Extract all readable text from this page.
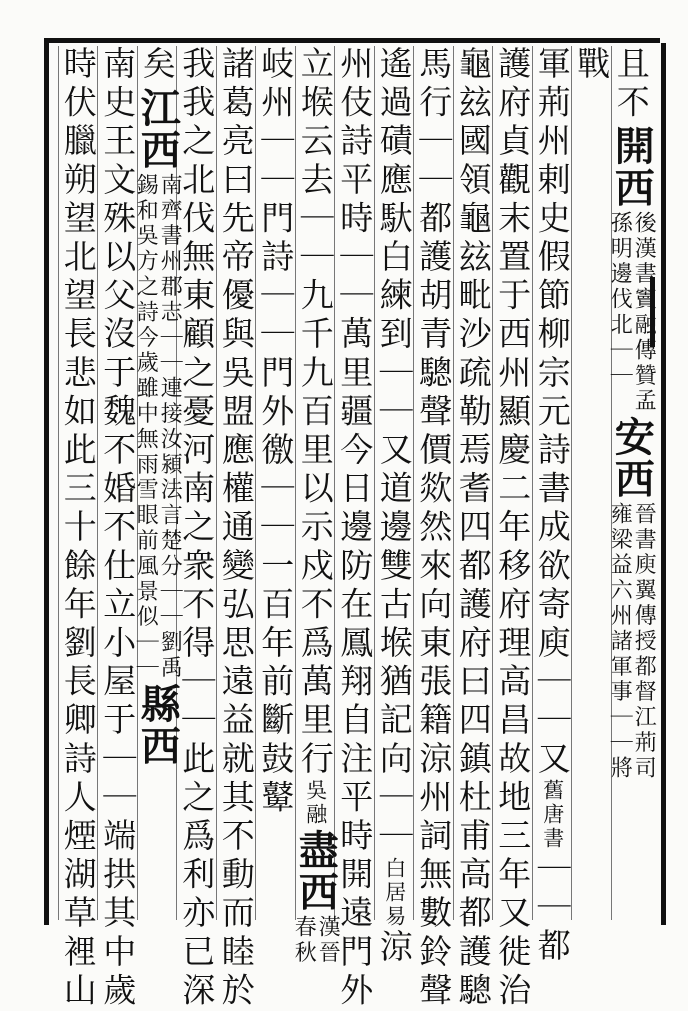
且不
開西
後漢書竇融傳贊孟
孫明邊伐北｜｜
安西
晉書庾翼傳授都督江荊司
雍梁益六州諸軍事｜｜將
戰
軍荊州剌史假節柳宗元詩書成欲寄庾｜｜又
舊唐書
｜｜都
護府貞觀末置于西州顯慶二年移府理高昌故地三年又徙治
龜玆國領龜玆毗沙疏勒焉耆四都護府曰四鎮杜甫高都護驄
馬行｜｜都護胡青驄聲價欻然來向東張籍涼州詞無數鈴聲
遙過磧應馱白練到｜｜又道邊雙古堠猶記向｜｜
白居易
涼
州伎詩平時｜｜萬里疆今日邊防在鳳翔自注平時開遠門外
立堠云去｜｜九千九百里以示戍不爲萬里行
吳融
盡西
漢晉
春秋
岐州｜｜門詩｜｜門外徼｜｜一百年前斷鼓鼙
諸葛亮曰先帝優與吳盟應權通變弘思遠益就其不動而睦於
我我之北伐無東顧之憂河南之衆不得｜｜此之爲利亦已深
矣
江西
南齊書州郡志｜｜連接汝潁法言楚分｜｜劉禹
錫和吳方之詩今歲雖中無雨雪眼前風景似｜｜
縣西
南史王文殊以父沒于魏不婚不仕立小屋于｜｜端拱其中歲
時伏臘朔望北望長悲如此三十餘年劉長卿詩人煙湖草裡山
